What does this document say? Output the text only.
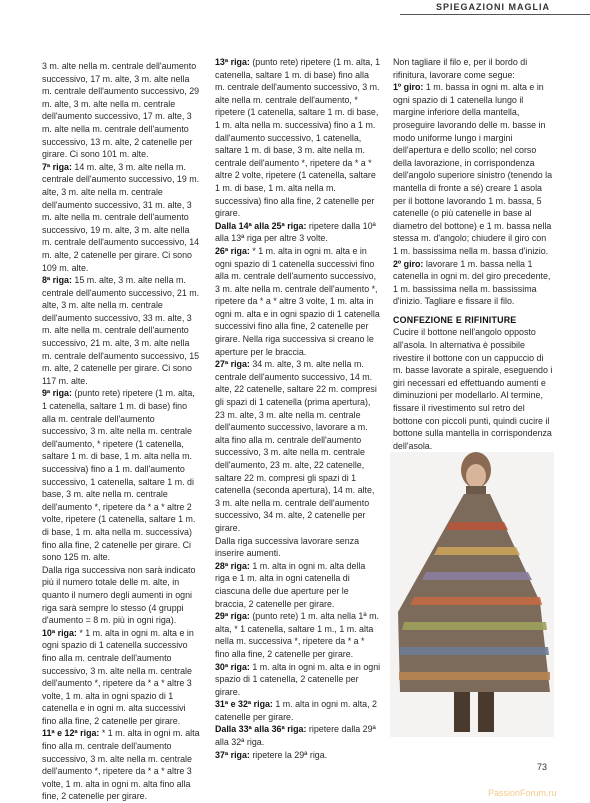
SPIEGAZIONI MAGLIA

3 m. alte nella m. centrale dell'aumento successivo, 17 m. alte, 3 m. alte nella m. centrale dell'aumento successivo, 29 m. alte, 3 m. alte nella m. centrale dell'aumento successivo, 17 m. alte, 3 m. alte nella m. centrale dell'aumento successivo, 13 m. alte, 2 catenelle per girare. Ci sono 101 m. alte.

7ª riga: 14 m. alte, 3 m. alte nella m. centrale dell'aumento successivo, 19 m. alte, 3 m. alte nella m. centrale dell'aumento successivo, 31 m. alte, 3 m. alte nella m. centrale dell'aumento successivo, 19 m. alte, 3 m. alte nella m. centrale dell'aumento successivo, 14 m. alte, 2 catenelle per girare. Ci sono 109 m. alte.

8ª riga: 15 m. alte, 3 m. alte nella m. centrale dell'aumento successivo, 21 m. alte, 3 m. alte nella m. centrale dell'aumento successivo, 33 m. alte, 3 m. alte nella m. centrale dell'aumento successivo, 21 m. alte, 3 m. alte nella m. centrale dell'aumento successivo, 15 m. alte, 2 catenelle per girare. Ci sono 117 m. alte.

9ª riga: (punto rete) ripetere (1 m. alta, 1 catenella, saltare 1 m. di base) fino alla m. centrale dell'aumento successivo, 3 m. alte nella m. centrale dell'aumento, * ripetere (1 catenella, saltare 1 m. di base, 1 m. alta nella m. successiva) fino a 1 m. dall'aumento successivo, 1 catenella, saltare 1 m. di base, 3 m. alte nella m. centrale dell'aumento *, ripetere da * a * altre 2 volte, ripetere (1 catenella, saltare 1 m. di base, 1 m. alta nella m. successiva) fino alla fine, 2 catenelle per girare. Ci sono 125 m. alte.

Dalla riga successiva non sarà indicato più il numero totale delle m. alte, in quanto il numero degli aumenti in ogni riga sarà sempre lo stesso (4 gruppi d'aumento = 8 m. più in ogni riga).

10ª riga: * 1 m. alta in ogni m. alta e in ogni spazio di 1 catenella successivo fino alla m. centrale dell'aumento successivo, 3 m. alte nella m. centrale dell'aumento *, ripetere da * a * altre 3 volte, 1 m. alta in ogni spazio di 1 catenella e in ogni m. alta successivi fino alla fine, 2 catenelle per girare.

11ª e 12ª riga: * 1 m. alta in ogni m. alta fino alla m. centrale dell'aumento successivo, 3 m. alte nella m. centrale dell'aumento *, ripetere da * a * altre 3 volte, 1 m. alta in ogni m. alta fino alla fine, 2 catenelle per girare.

13ª riga: (punto rete) ripetere (1 m. alta, 1 catenella, saltare 1 m. di base) fino alla m. centrale dell'aumento successivo, 3 m. alte nella m. centrale dell'aumento, * ripetere (1 catenella, saltare 1 m. di base, 1 m. alta nella m. successiva) fino a 1 m. dall'aumento successivo, 1 catenella, saltare 1 m. di base, 3 m. alte nella m. centrale dell'aumento *, ripetere da * a * altre 2 volte, ripetere (1 catenella, saltare 1 m. di base, 1 m. alta nella m. successiva) fino alla fine, 2 catenelle per girare.

Dalla 14ª alla 25ª riga: ripetere dalla 10ª alla 13ª riga per altre 3 volte.

26ª riga: * 1 m. alta in ogni m. alta e in ogni spazio di 1 catenella successivi fino alla m. centrale dell'aumento successivo, 3 m. alte nella m. centrale dell'aumento *, ripetere da * a * altre 3 volte, 1 m. alta in ogni m. alta e in ogni spazio di 1 catenella successivi fino alla fine, 2 catenelle per girare. Nella riga successiva si creano le aperture per le braccia.

27ª riga: 34 m. alte, 3 m. alte nella m. centrale dell'aumento successivo, 14 m. alte, 22 catenelle, saltare 22 m. compresi gli spazi di 1 catenella (prima apertura), 23 m. alte, 3 m. alte nella m. centrale dell'aumento successivo, lavorare a m. alta fino alla m. centrale dell'aumento successivo, 3 m. alte nella m. centrale dell'aumento, 23 m. alte, 22 catenelle, saltare 22 m. compresi gli spazi di 1 catenella (seconda apertura), 14 m. alte, 3 m. alte nella m. centrale dell'aumento successivo, 34 m. alte, 2 catenelle per girare.

Dalla riga successiva lavorare senza inserire aumenti.

28ª riga: 1 m. alta in ogni m. alta della riga e 1 m. alta in ogni catenella di ciascuna delle due aperture per le braccia, 2 catenelle per girare.

29ª riga: (punto rete) 1 m. alta nella 1ª m. alta, * 1 catenella, saltare 1 m., 1 m. alta nella m. successiva *, ripetere da * a * fino alla fine, 2 catenelle per girare.

30ª riga: 1 m. alta in ogni m. alta e in ogni spazio di 1 catenella, 2 catenelle per girare.

31ª e 32ª riga: 1 m. alta in ogni m. alta, 2 catenelle per girare.

Dalla 33ª alla 36ª riga: ripetere dalla 29ª alla 32ª riga.

37ª riga: ripetere la 29ª riga.

Non tagliare il filo e, per il bordo di rifinitura, lavorare come segue:

1º giro: 1 m. bassa in ogni m. alta e in ogni spazio di 1 catenella lungo il margine inferiore della mantella, proseguire lavorando delle m. basse in modo uniforme lungo i margini dell'apertura e dello scollo; nel corso della lavorazione, in corrispondenza dell'angolo superiore sinistro (tenendo la mantella di fronte a sé) creare 1 asola per il bottone lavorando 1 m. bassa, 5 catenelle (o più catenelle in base al diametro del bottone) e 1 m. bassa nella stessa m. d'angolo; chiudere il giro con 1 m. bassissima nella m. bassa d'inizio.

2º giro: lavorare 1 m. bassa nella 1 catenella in ogni m. del giro precedente, 1 m. bassissima nella m. bassissima d'inizio. Tagliare e fissare il filo.

CONFEZIONE E RIFINITURE

Cucire il bottone nell'angolo opposto all'asola. In alternativa è possibile rivestire il bottone con un cappuccio di m. basse lavorate a spirale, eseguendo i giri necessari ed effettuando aumenti e diminuzioni per modellarlo. Al termine, fissare il rivestimento sul retro del bottone con piccoli punti, quindi cucire il bottone sulla mantella in corrispondenza dell'asola.

73
PassionForum.ru
